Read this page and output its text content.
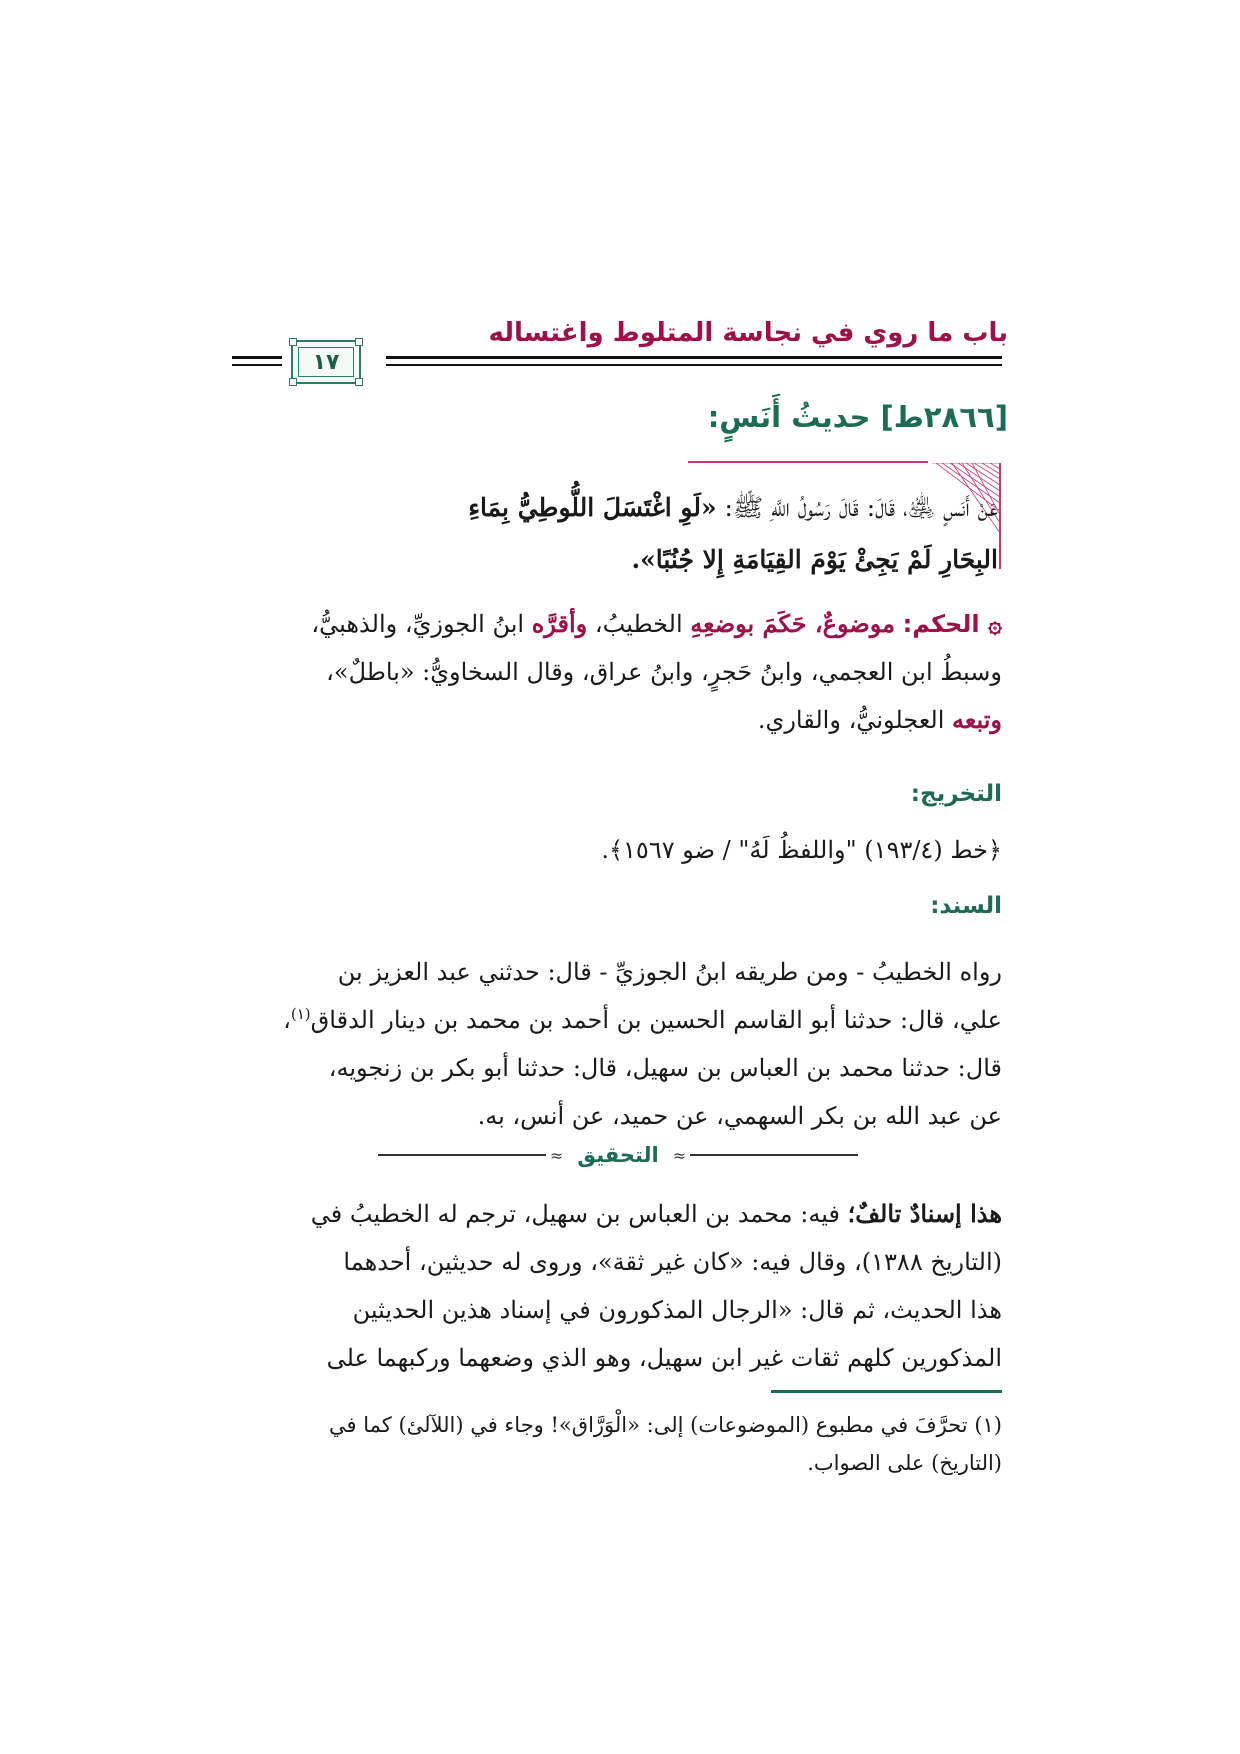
باب ما روي في نجاسة المتلوط واغتساله
١٧
[٢٨٦٦ط] حديثُ أَنَسٍ:
عَنْ أَنَسٍ ﵁، قَالَ: قَالَ رَسُولُ اللَّهِ ﷺ: «لَوِ اغْتَسَلَ اللُّوطِيُّ بِمَاءِ
البِحَارِ لَمْ يَجِئْ يَوْمَ القِيَامَةِ إِلا جُنُبًا».
۞ الحكم: موضوعٌ، حَكَمَ بوضعِهِ الخطيبُ، وأقرَّه ابنُ الجوزيِّ، والذهبيُّ،
وسبطُ ابن العجمي، وابنُ حَجرٍ، وابنُ عراق، وقال السخاويُّ: «باطلٌ»،
وتبعه العجلونيُّ، والقاري.
التخريج:
﴿خط (١٩٣/٤) "واللفظُ لَهُ" / ضو ١٥٦٧﴾.
السند:
رواه الخطيبُ - ومن طريقه ابنُ الجوزيِّ - قال: حدثني عبد العزيز بن
علي، قال: حدثنا أبو القاسم الحسين بن أحمد بن محمد بن دينار الدقاق$^{(١)}$،
قال: حدثنا محمد بن العباس بن سهيل، قال: حدثنا أبو بكر بن زنجويه،
عن عبد الله بن بكر السهمي، عن حميد، عن أنس، به.
≈ التحقيق ≈
هذا إسنادٌ تالفٌ؛ فيه: محمد بن العباس بن سهيل، ترجم له الخطيبُ في
(التاريخ ١٣٨٨)، وقال فيه: «كان غير ثقة»، وروى له حديثين، أحدهما
هذا الحديث، ثم قال: «الرجال المذكورون في إسناد هذين الحديثين
المذكورين كلهم ثقات غير ابن سهيل، وهو الذي وضعهما وركبهما على
(١) تحرَّفَ في مطبوع (الموضوعات) إلى: «الْوَرَّاق»! وجاء في (اللآلئ) كما في
(التاريخ) على الصواب.
